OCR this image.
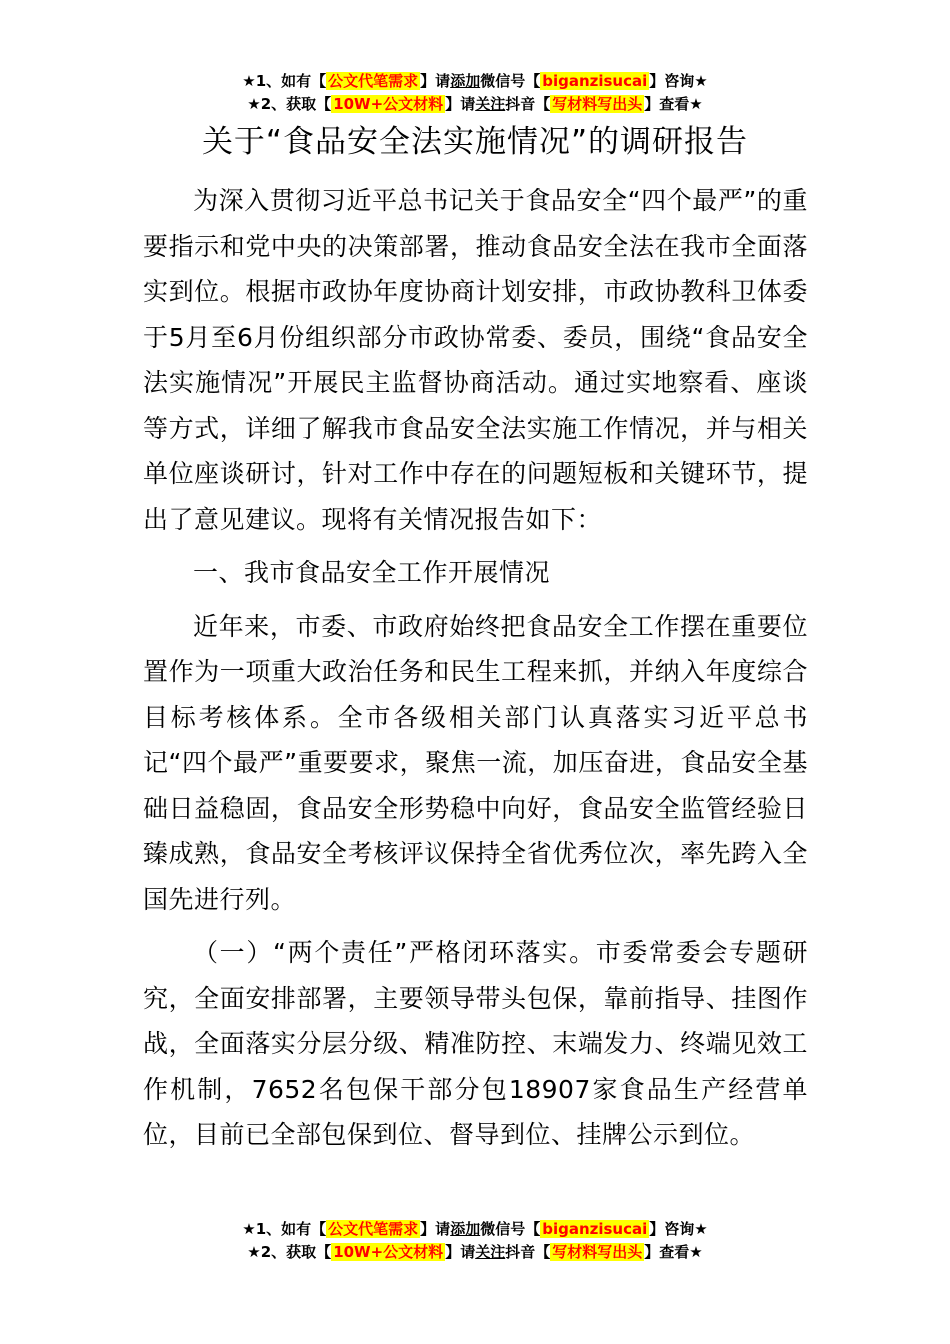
★1、如有【 公文代笔需求 】请添加微信号【 biganzisucai 】咨询★
★2、获取【 10W+公文材料 】请关注抖音【 写材料写出头 】查看★
关于“食品安全法实施情况”的调研报告

为深入贯彻习近平总书记关于食品安全“四个最严”的重要指示和党中央的决策部署，推动食品安全法在我市全面落实到位。根据市政协年度协商计划安排，市政协教科卫体委于5月至6月份组织部分市政协常委、委员，围绕“食品安全法实施情况”开展民主监督协商活动。通过实地察看、座谈等方式，详细了解我市食品安全法实施工作情况，并与相关单位座谈研讨，针对工作中存在的问题短板和关键环节，提出了意见建议。现将有关情况报告如下：

一、我市食品安全工作开展情况

近年来，市委、市政府始终把食品安全工作摆在重要位置作为一项重大政治任务和民生工程来抓，并纳入年度综合目标考核体系。全市各级相关部门认真落实习近平总书记“四个最严”重要要求，聚焦一流，加压奋进，食品安全基础日益稳固，食品安全形势稳中向好，食品安全监管经验日臻成熟，食品安全考核评议保持全省优秀位次，率先跨入全国先进行列。

（一）“两个责任”严格闭环落实。市委常委会专题研究，全面安排部署，主要领导带头包保，靠前指导、挂图作战，全面落实分层分级、精准防控、末端发力、终端见效工作机制，7652名包保干部分包18907家食品生产经营单位，目前已全部包保到位、督导到位、挂牌公示到位。

★1、如有【 公文代笔需求 】请添加微信号【 biganzisucai 】咨询★
★2、获取【 10W+公文材料 】请关注抖音【 写材料写出头 】查看★
